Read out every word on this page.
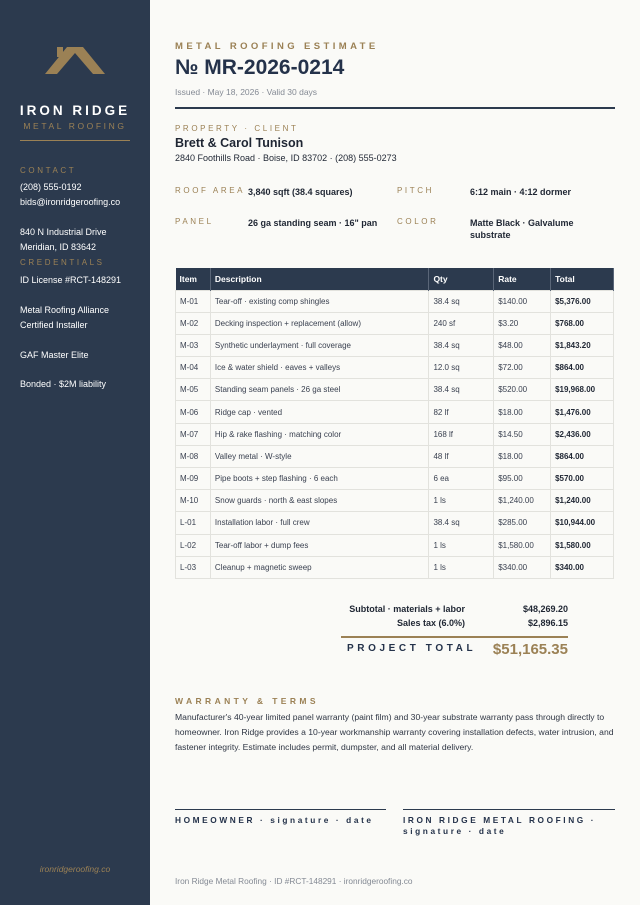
IRON RIDGE
METAL ROOFING
CONTACT
(208) 555-0192
bids@ironridgeroofing.co
840 N Industrial Drive
Meridian, ID 83642
CREDENTIALS
ID License #RCT-148291
Metal Roofing Alliance
Certified Installer
GAF Master Elite
Bonded · $2M liability
ironridgeroofing.co
METAL ROOFING ESTIMATE
№ MR-2026-0214
Issued · May 18, 2026 · Valid 30 days
PROPERTY · CLIENT
Brett & Carol Tunison
2840 Foothills Road · Boise, ID 83702 · (208) 555-0273
ROOF AREA 3,840 sqft (38.4 squares)	PITCH	6:12 main · 4:12 dormer
PANEL	26 ga standing seam · 16" pan	COLOR	Matte Black · Galvalume substrate
Item	Description	Qty	Rate	Total
M-01	Tear-off · existing comp shingles	38.4 sq	$140.00	$5,376.00
M-02	Decking inspection + replacement (allow)	240 sf	$3.20	$768.00
M-03	Synthetic underlayment · full coverage	38.4 sq	$48.00	$1,843.20
M-04	Ice & water shield · eaves + valleys	12.0 sq	$72.00	$864.00
M-05	Standing seam panels · 26 ga steel	38.4 sq	$520.00	$19,968.00
M-06	Ridge cap · vented	82 lf	$18.00	$1,476.00
M-07	Hip & rake flashing · matching color	168 lf	$14.50	$2,436.00
M-08	Valley metal · W-style	48 lf	$18.00	$864.00
M-09	Pipe boots + step flashing · 6 each	6 ea	$95.00	$570.00
M-10	Snow guards · north & east slopes	1 ls	$1,240.00	$1,240.00
L-01	Installation labor · full crew	38.4 sq	$285.00	$10,944.00
L-02	Tear-off labor + dump fees	1 ls	$1,580.00	$1,580.00
L-03	Cleanup + magnetic sweep	1 ls	$340.00	$340.00
Subtotal · materials + labor	$48,269.20
Sales tax (6.0%)	$2,896.15
PROJECT TOTAL	$51,165.35
WARRANTY & TERMS
Manufacturer's 40-year limited panel warranty (paint film) and 30-year substrate warranty pass through directly to homeowner. Iron Ridge provides a 10-year workmanship warranty covering installation defects, water intrusion, and fastener integrity. Estimate includes permit, dumpster, and all material delivery.
HOMEOWNER · signature · date	IRON RIDGE METAL ROOFING · signature · date
Iron Ridge Metal Roofing · ID #RCT-148291 · ironridgeroofing.co
